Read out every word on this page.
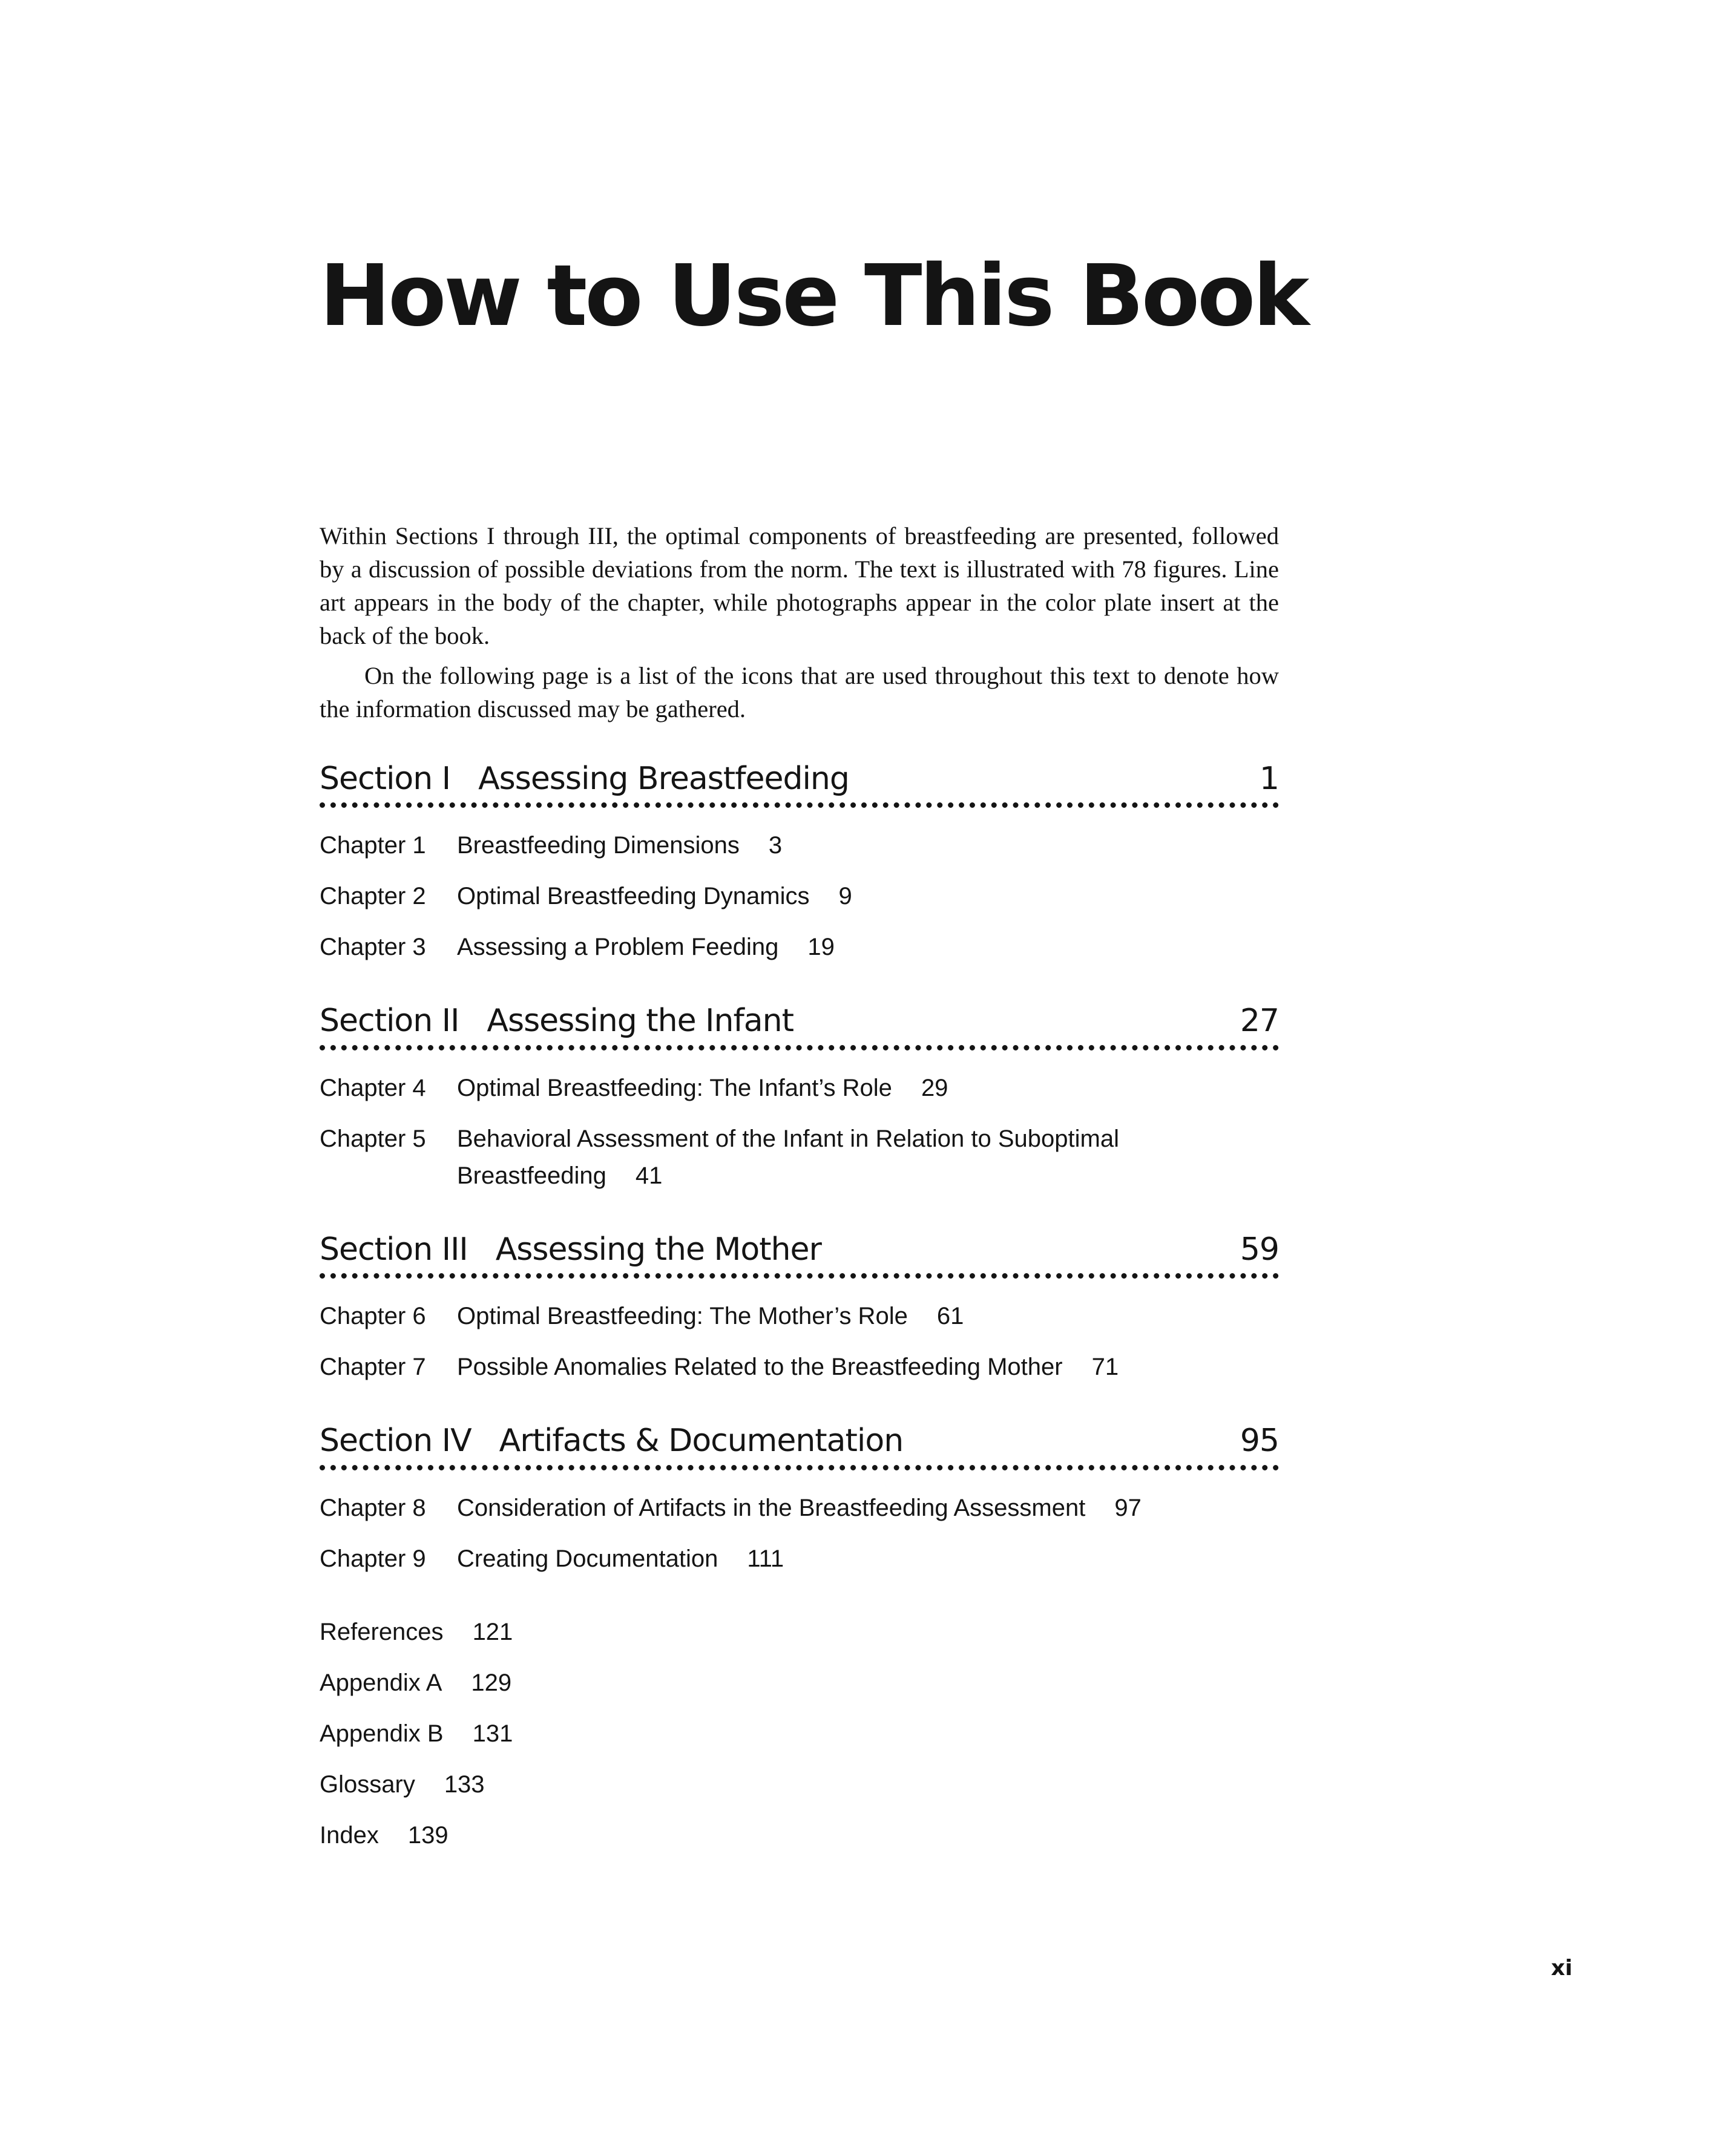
How to Use This Book

Within Sections I through III, the optimal components of breastfeeding are presented, followed by a discussion of possible deviations from the norm. The text is illustrated with 78 figures. Line art appears in the body of the chapter, while photographs appear in the color plate insert at the back of the book.

On the following page is a list of the icons that are used throughout this text to denote how the information discussed may be gathered.

Section I Assessing Breastfeeding	1
Chapter 1	Breastfeeding Dimensions 3
Chapter 2	Optimal Breastfeeding Dynamics 9
Chapter 3	Assessing a Problem Feeding 19
Section II Assessing the Infant	27
Chapter 4	Optimal Breastfeeding: The Infant’s Role 29
Chapter 5	Behavioral Assessment of the Infant in Relation to Suboptimal Breastfeeding 41
Section III Assessing the Mother	59
Chapter 6	Optimal Breastfeeding: The Mother’s Role 61
Chapter 7	Possible Anomalies Related to the Breastfeeding Mother 71
Section IV Artifacts & Documentation	95
Chapter 8	Consideration of Artifacts in the Breastfeeding Assessment 97
Chapter 9	Creating Documentation 111
References 121
Appendix A 129
Appendix B 131
Glossary 133
Index 139
xi
